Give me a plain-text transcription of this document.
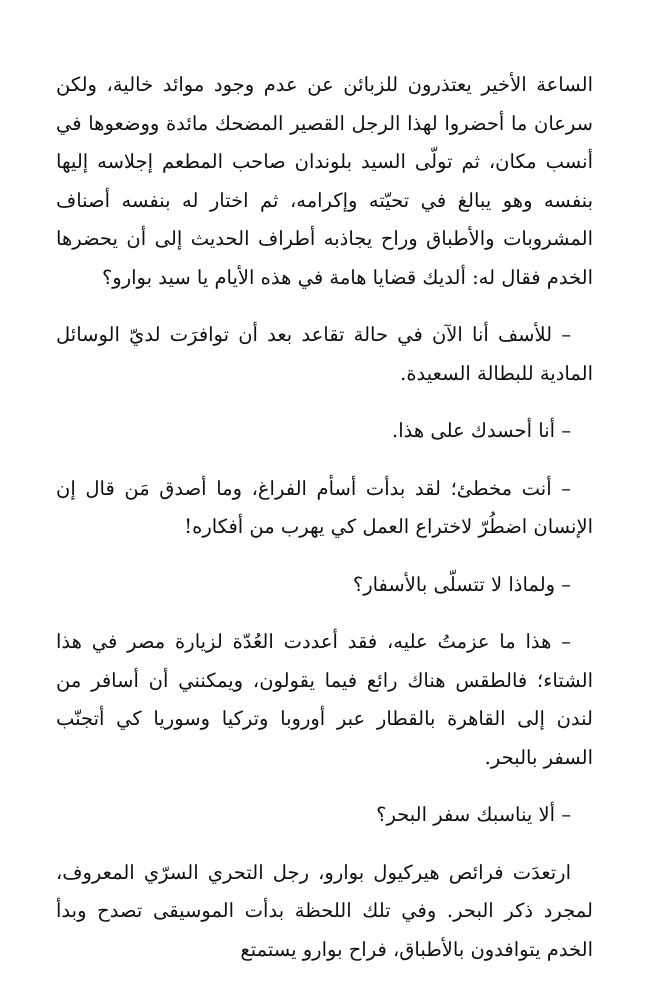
الساعة الأخير يعتذرون للزبائن عن عدم وجود موائد خالية، ولكن سرعان ما أحضروا لهذا الرجل القصير المضحك مائدة ووضعوها في أنسب مكان، ثم تولّى السيد بلوندان صاحب المطعم إجلاسه إليها بنفسه وهو يبالغ في تحيّته وإكرامه، ثم اختار له بنفسه أصناف المشروبات والأطباق وراح يجاذبه أطراف الحديث إلى أن يحضرها الخدم فقال له: ألديك قضايا هامة في هذه الأيام يا سيد بوارو؟

– للأسف أنا الآن في حالة تقاعد بعد أن توافرَت لديّ الوسائل المادية للبطالة السعيدة.

– أنا أحسدك على هذا.

– أنت مخطئ؛ لقد بدأت أسأم الفراغ، وما أصدق مَن قال إن الإنسان اضطُرّ لاختراع العمل كي يهرب من أفكاره!

– ولماذا لا تتسلّى بالأسفار؟

– هذا ما عزمتُ عليه، فقد أعددت العُدّة لزيارة مصر في هذا الشتاء؛ فالطقس هناك رائع فيما يقولون، ويمكنني أن أسافر من لندن إلى القاهرة بالقطار عبر أوروبا وتركيا وسوريا كي أتجنّب السفر بالبحر.

– ألا يناسبك سفر البحر؟

ارتعدَت فرائص هيركيول بوارو، رجل التحري السرّي المعروف، لمجرد ذكر البحر. وفي تلك اللحظة بدأت الموسيقى تصدح وبدأ الخدم يتوافدون بالأطباق، فراح بوارو يستمتع
